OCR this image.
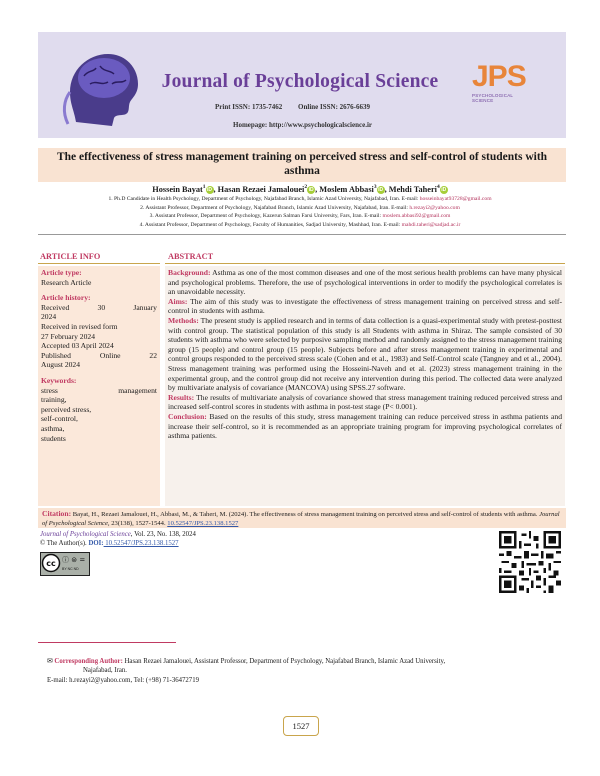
Journal of Psychological Science
Print ISSN: 1735-7462 Online ISSN: 2676-6639
Homepage: http://www.psychologicalscience.ir
JPS
PSYCHOLOGICAL SCIENCE
The effectiveness of stress management training on perceived stress and self-control of students with asthma
Hossein Bayat$^1$ iD , Hasan Rezaei Jamalouei$^2$ iD , Moslem Abbasi$^3$ iD , Mehdi Taheri$^4$ iD
1. Ph.D Candidate in Health Psychology, Department of Psychology, Najafabad Branch, Islamic Azad University, Najafabad, Iran. E-mail: hosseinbayat93728@gmail.com
2. Assistant Professor, Department of Psychology, Najafabad Branch, Islamic Azad University, Najafabad, Iran. E-mail: h.rezayi2@yahoo.com
3. Assistant Professor, Department of Psychology, Kazerun Salman Farsi University, Fars, Iran. E-mail: moslem.abbasi92@gmail.com
4. Assistant Professor, Department of Psychology, Faculty of Humanities, Sadjad University, Mashhad, Iran. E-mail: mahdi.taheri@sadjad.ac.ir
ARTICLE INFO	ABSTRACT
Article type:
Research Article
Article history:
Received	30	January
2024
Received in revised form
27 February 2024
Accepted 03 April 2024
Published	Online	22
August 2024
Keywords:
stress	management
training,
perceived stress,
self-control,
asthma,
students

Background: Asthma as one of the most common diseases and one of the most serious health problems can have many physical and psychological problems. Therefore, the use of psychological interventions in order to modify the psychological correlates is an unavoidable necessity.

Aims: The aim of this study was to investigate the effectiveness of stress management training on perceived stress and self-control in students with asthma.

Methods: The present study is applied research and in terms of data collection is a quasi-experimental study with pretest-posttest with control group. The statistical population of this study is all Students with asthma in Shiraz. The sample consisted of 30 students with asthma who were selected by purposive sampling method and randomly assigned to the stress management training group (15 people) and control group (15 people). Subjects before and after stress management training in experimental and control groups responded to the perceived stress scale (Cohen and et al., 1983) and Self-Control scale (Tangney and et al., 2004). Stress management training was performed using the Hosseini-Naveh and et al. (2023) stress management training in the experimental group, and the control group did not receive any intervention during this period. The collected data were analyzed by multivariate analysis of covariance (MANCOVA) using SPSS.27 software.

Results: The results of multivariate analysis of covariance showed that stress management training reduced perceived stress and increased self-control scores in students with asthma in post-test stage (P< 0.001).

Conclusion: Based on the results of this study, stress management training can reduce perceived stress in asthma patients and increase their self-control, so it is recommended as an appropriate training program for improving psychological correlates of asthma patients.

Citation: Bayat, H., Rezaei Jamalouei, H., Abbasi, M., & Taheri, M. (2024). The effectiveness of stress management training on perceived stress and self-control of students with asthma. Journal of Psychological Science, 23(138), 1527-1544. 10.52547/JPS.23.138.1527
Journal of Psychological Science, Vol. 23, No. 138, 2024
© The Author(s). DOI: 10.52547/JPS.23.138.1527
cc ⓘ ⊜ =
BY NC ND
✉ Corresponding Author: Hasan Rezaei Jamalouei, Assistant Professor, Department of Psychology, Najafabad Branch, Islamic Azad University,
Najafabad, Iran.
E-mail: h.rezayi2@yahoo.com, Tel: (+98) 71-36472719
1527
